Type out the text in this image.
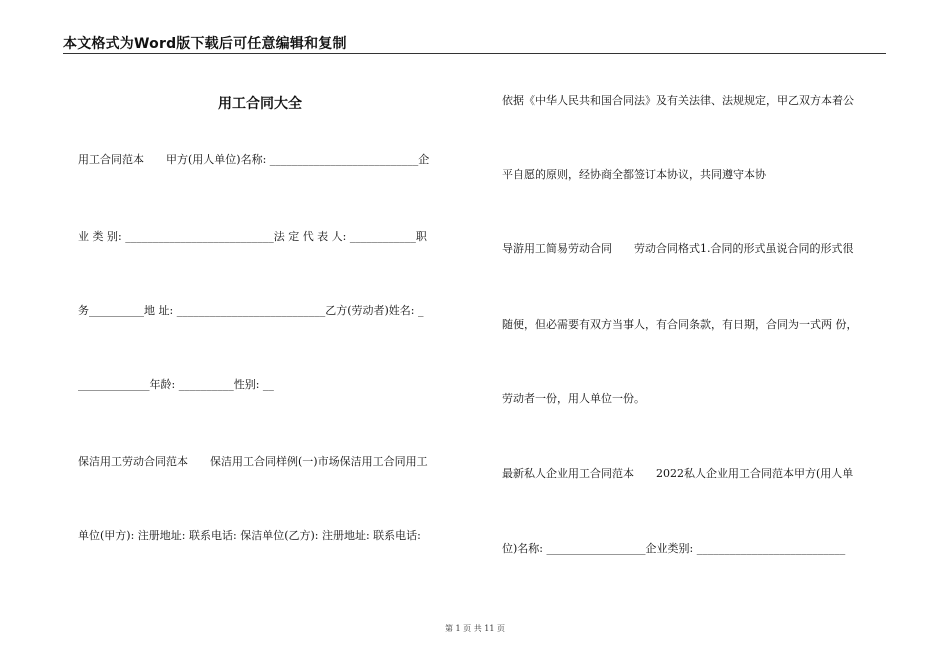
本文格式为Word版下载后可任意编辑和复制
用工合同大全
用工合同范本　　甲方(用人单位)名称: ___________________________企
业 类 别: ___________________________法 定 代 表 人: ____________职
务__________地 址: ___________________________乙方(劳动者)姓名: _
_____________年龄: __________性别: __
保洁用工劳动合同范本　　保洁用工合同样例(一)市场保洁用工合同用工
单位(甲方): 注册地址: 联系电话: 保洁单位(乙方): 注册地址: 联系电话:
依据《中华人民共和国合同法》及有关法律、法规规定，甲乙双方本着公
平自愿的原则，经协商全都签订本协议，共同遵守本协
导游用工简易劳动合同　　劳动合同格式1.合同的形式虽说合同的形式很
随便，但必需要有双方当事人，有合同条款，有日期，合同为一式两 份，
劳动者一份，用人单位一份。
最新私人企业用工合同范本　　2022私人企业用工合同范本甲方(用人单
位)名称: __________________企业类别: ___________________________
第 1 页 共 11 页
